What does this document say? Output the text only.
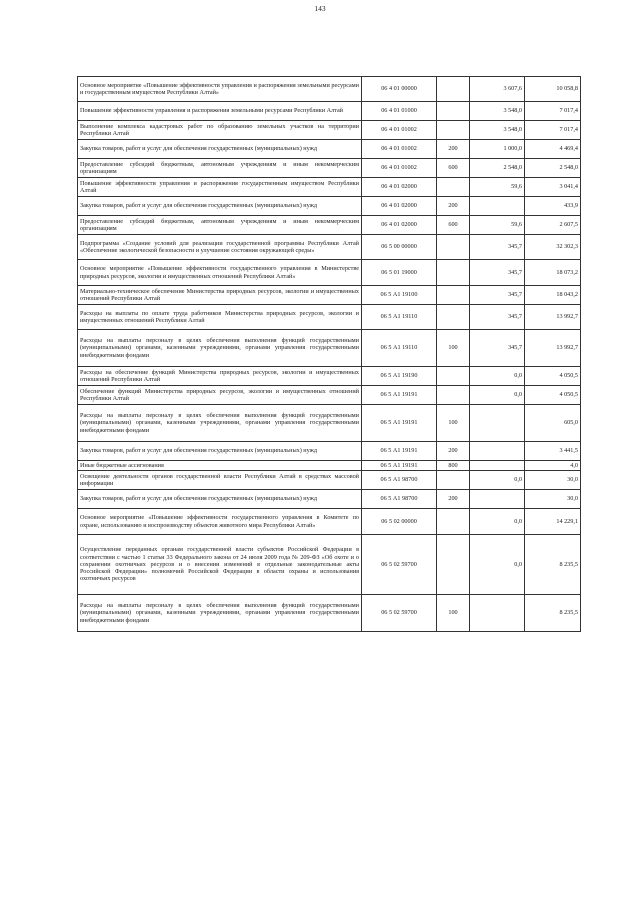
143
Основное мероприятие «Повышение эффективности управления и распоряжения земельными ресурсами и государственным имуществом Республики Алтай»	06 4 01 00000		3 607,6	10 058,8
Повышение эффективности управления и распоряжения земельными ресурсами Республики Алтай	06 4 01 01000		3 548,0	7 017,4
Выполнение комплекса кадастровых работ по образованию земельных участков на территории Республики Алтай	06 4 01 01002		3 548,0	7 017,4
Закупка товаров, работ и услуг для обеспечения государственных (муниципальных) нужд	06 4 01 01002	200	1 000,0	4 469,4
Предоставление субсидий бюджетным, автономным учреждениям и иным некоммерческим организациям	06 4 01 01002	600	2 548,0	2 548,0
Повышение эффективности управления и распоряжения государственным имуществом Республики Алтай	06 4 01 02000		59,6	3 041,4
Закупка товаров, работ и услуг для обеспечения государственных (муниципальных) нужд	06 4 01 02000	200		433,9
Предоставление субсидий бюджетным, автономным учреждениям и иным некоммерческим организациям	06 4 01 02000	600	59,6	2 607,5
Подпрограмма «Создание условий для реализации государственной программы Республики Алтай «Обеспечение экологической безопасности и улучшение состояния окружающей среды»	06 5 00 00000		345,7	32 302,3
Основное мероприятие «Повышение эффективности государственного управления в Министерстве природных ресурсов, экологии и имущественных отношений Республики Алтай»	06 5 01 19000		345,7	18 073,2
Материально-техническое обеспечение Министерства природных ресурсов, экологии и имущественных отношений Республики Алтай	06 5 А1 19100		345,7	18 043,2
Расходы на выплаты по оплате труда работников Министерства природных ресурсов, экологии и имущественных отношений Республики Алтай	06 5 А1 19110		345,7	13 992,7
Расходы на выплаты персоналу в целях обеспечения выполнения функций государственными (муниципальными) органами, казенными учреждениями, органами управления государственными внебюджетными фондами	06 5 А1 19110	100	345,7	13 992,7
Расходы на обеспечение функций Министерства природных ресурсов, экологии и имущественных отношений Республики Алтай	06 5 А1 19190		0,0	4 050,5
Обеспечение функций Министерства природных ресурсов, экологии и имущественных отношений Республики Алтай	06 5 А1 19191		0,0	4 050,5
Расходы на выплаты персоналу в целях обеспечения выполнения функций государственными (муниципальными) органами, казенными учреждениями, органами управления государственными внебюджетными фондами	06 5 А1 19191	100		605,0
Закупка товаров, работ и услуг для обеспечения государственных (муниципальных) нужд	06 5 А1 19191	200		3 441,5
Иные бюджетные ассигнования	06 5 А1 19191	800		4,0
Освещение деятельности органов государственной власти Республики Алтай в средствах массовой информации	06 5 А1 98700		0,0	30,0
Закупка товаров, работ и услуг для обеспечения государственных (муниципальных) нужд	06 5 А1 98700	200		30,0
Основное мероприятие «Повышение эффективности государственного управления в Комитете по охране, использованию и воспроизводству объектов животного мира Республики Алтай»	06 5 02 00000		0,0	14 229,1
Осуществление переданных органам государственной власти субъектов Российской Федерации в соответствии с частью 1 статьи 33 Федерального закона от 24 июля 2009 года № 209-ФЗ «Об охоте и о сохранении охотничьих ресурсов и о внесении изменений в отдельные законодательные акты Российской Федерации» полномочий Российской Федерации в области охраны и использования охотничьих ресурсов	06 5 02 59700		0,0	8 235,5
Расходы на выплаты персоналу в целях обеспечения выполнения функций государственными (муниципальными) органами, казенными учреждениями, органами управления государственными внебюджетными фондами	06 5 02 59700	100		8 235,5
